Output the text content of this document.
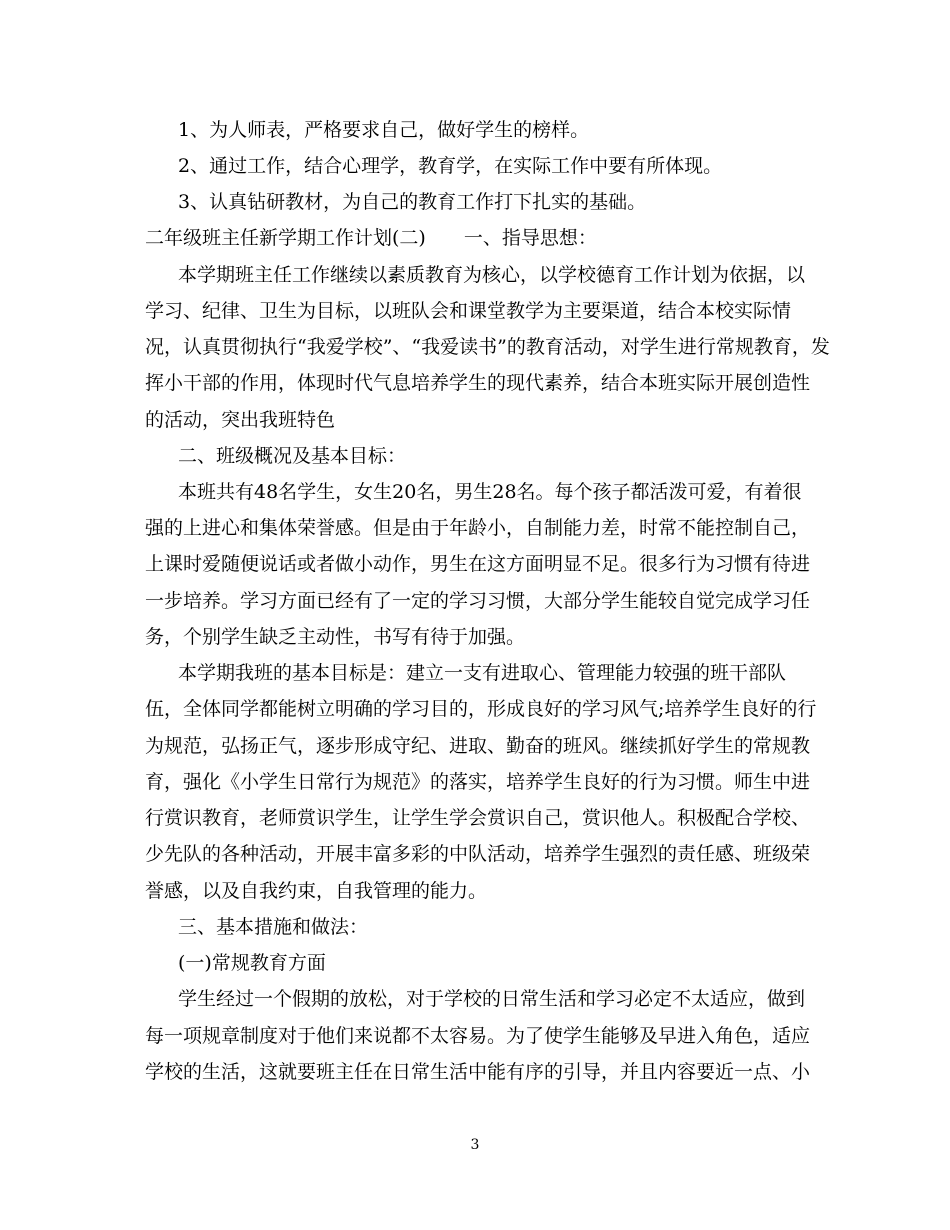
1、为人师表，严格要求自己，做好学生的榜样。
2、通过工作，结合心理学，教育学，在实际工作中要有所体现。
3、认真钻研教材，为自己的教育工作打下扎实的基础。
二年级班主任新学期工作计划(二)　　一、指导思想：
本学期班主任工作继续以素质教育为核心，以学校德育工作计划为依据，以
学习、纪律、卫生为目标，以班队会和课堂教学为主要渠道，结合本校实际情
况，认真贯彻执行“我爱学校”、“我爱读书”的教育活动，对学生进行常规教育，发
挥小干部的作用，体现时代气息培养学生的现代素养，结合本班实际开展创造性
的活动，突出我班特色
二、班级概况及基本目标：
本班共有48名学生，女生20名，男生28名。每个孩子都活泼可爱，有着很
强的上进心和集体荣誉感。但是由于年龄小，自制能力差，时常不能控制自己，
上课时爱随便说话或者做小动作，男生在这方面明显不足。很多行为习惯有待进
一步培养。学习方面已经有了一定的学习习惯，大部分学生能较自觉完成学习任
务，个别学生缺乏主动性，书写有待于加强。
本学期我班的基本目标是：建立一支有进取心、管理能力较强的班干部队
伍，全体同学都能树立明确的学习目的，形成良好的学习风气;培养学生良好的行
为规范，弘扬正气，逐步形成守纪、进取、勤奋的班风。继续抓好学生的常规教
育，强化《小学生日常行为规范》的落实，培养学生良好的行为习惯。师生中进
行赏识教育，老师赏识学生，让学生学会赏识自己，赏识他人。积极配合学校、
少先队的各种活动，开展丰富多彩的中队活动，培养学生强烈的责任感、班级荣
誉感，以及自我约束，自我管理的能力。
三、基本措施和做法：
(一)常规教育方面
学生经过一个假期的放松，对于学校的日常生活和学习必定不太适应，做到
每一项规章制度对于他们来说都不太容易。为了使学生能够及早进入角色，适应
学校的生活，这就要班主任在日常生活中能有序的引导，并且内容要近一点、小
3
